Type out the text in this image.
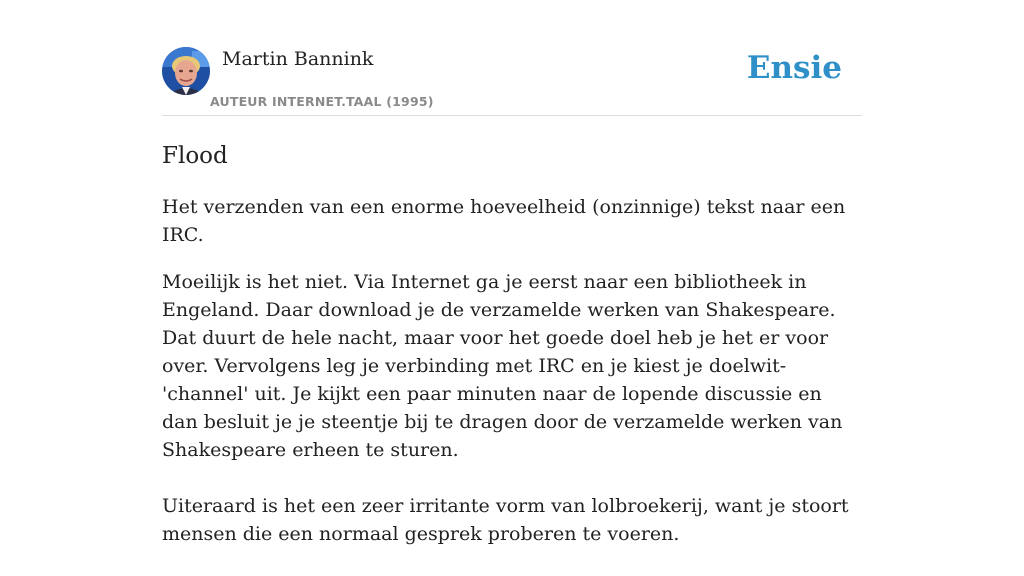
Martin Bannink
AUTEUR INTERNET.TAAL (1995)
Ensie
Flood
Het verzenden van een enorme hoeveelheid (onzinnige) tekst naar een IRC.

Moeilijk is het niet. Via Internet ga je eerst naar een bibliotheek in Engeland. Daar download je de verzamelde werken van Shakespeare. Dat duurt de hele nacht, maar voor het goede doel heb je het er voor over. Vervolgens leg je verbinding met IRC en je kiest je doelwit-'channel' uit. Je kijkt een paar minuten naar de lopende discussie en dan besluit je je steentje bij te dragen door de verzamelde werken van Shakespeare erheen te sturen.

Uiteraard is het een zeer irritante vorm van lolbroekerij, want je stoort mensen die een normaal gesprek proberen te voeren.
